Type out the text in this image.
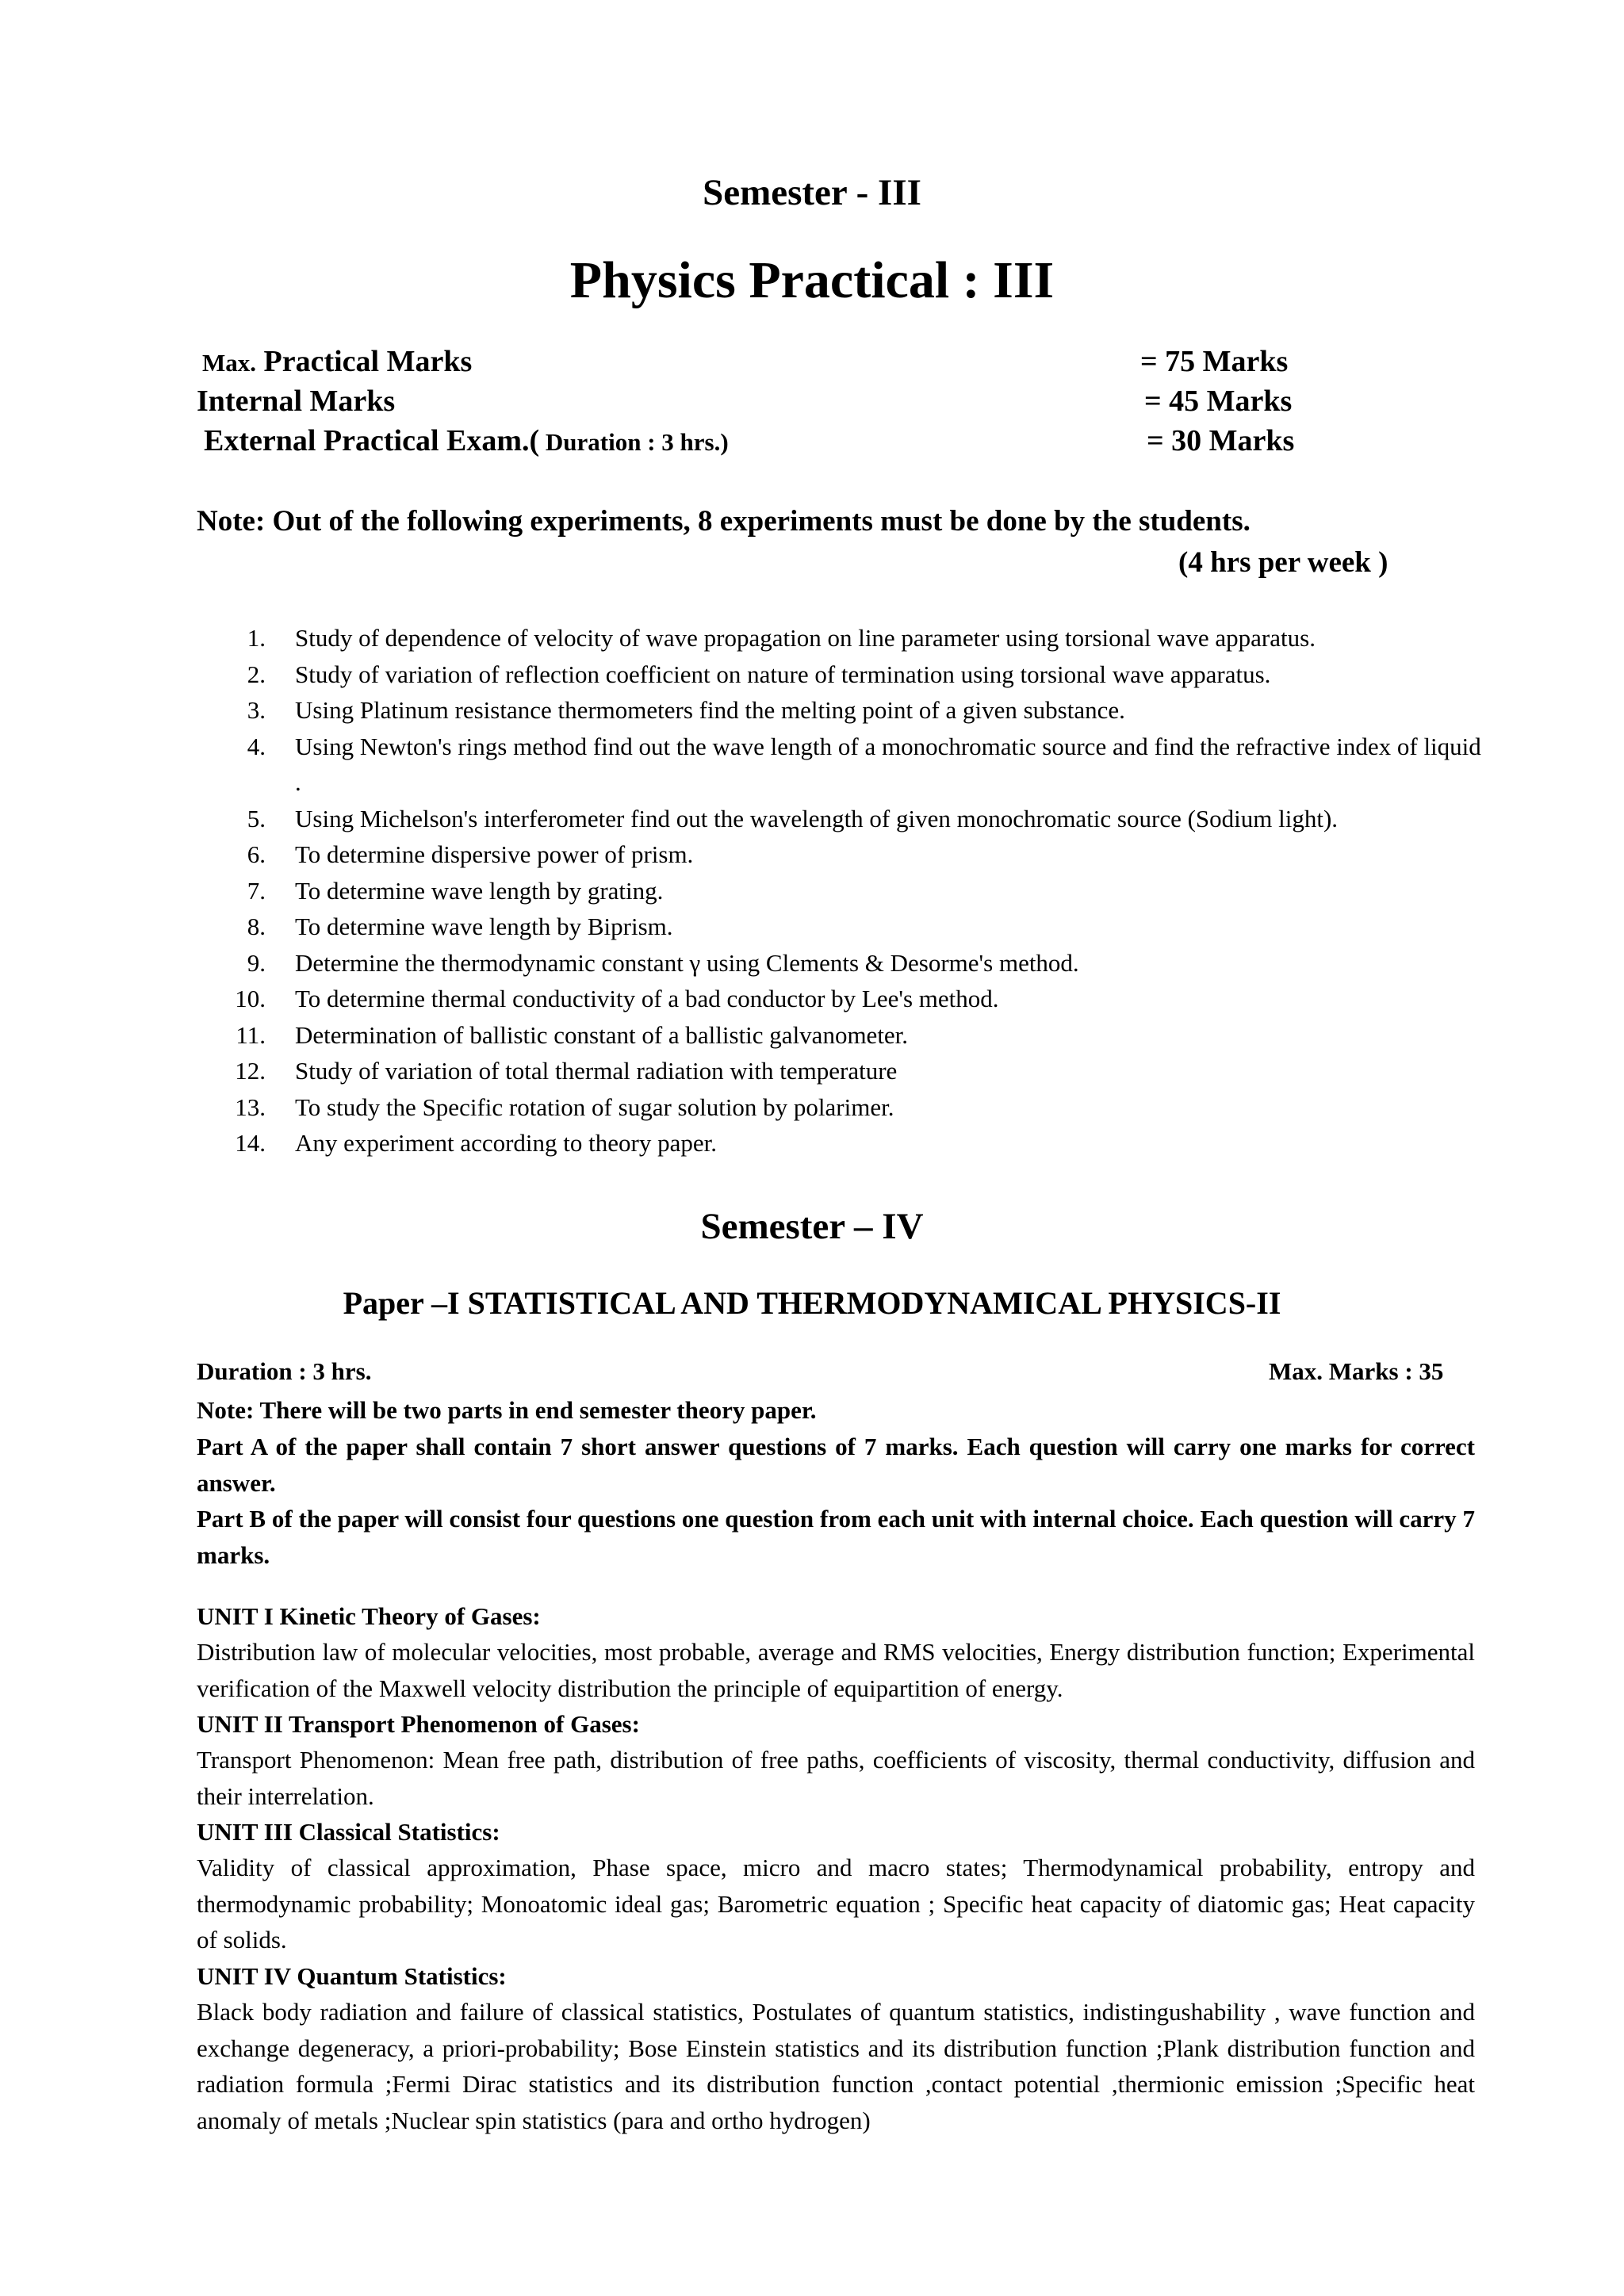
Semester - III
Physics Practical : III
Max. Practical Marks	= 75 Marks
Internal Marks	= 45 Marks
External Practical Exam.( Duration : 3 hrs.)	= 30 Marks
Note: Out of the following experiments, 8 experiments must be done by the students.
(4 hrs per week )
1. Study of dependence of velocity of wave propagation on line parameter using torsional wave apparatus.
2. Study of variation of reflection coefficient on nature of termination using torsional wave apparatus.
3. Using Platinum resistance thermometers find the melting point of a given substance.
4. Using Newton's rings method find out the wave length of a monochromatic source and find the refractive index of liquid .
5. Using Michelson's interferometer find out the wavelength of given monochromatic source (Sodium light).
6. To determine dispersive power of prism.
7. To determine wave length by grating.
8. To determine wave length by Biprism.
9. Determine the thermodynamic constant γ using Clements & Desorme's method.
10. To determine thermal conductivity of a bad conductor by Lee's method.
11. Determination of ballistic constant of a ballistic galvanometer.
12. Study of variation of total thermal radiation with temperature
13. To study the Specific rotation of sugar solution by polarimer.
14. Any experiment according to theory paper.
Semester – IV
Paper –I STATISTICAL AND THERMODYNAMICAL PHYSICS-II
Duration : 3 hrs.	Max. Marks : 35
Note: There will be two parts in end semester theory paper.
Part A of the paper shall contain 7 short answer questions of 7 marks. Each question will carry one marks for correct answer.
Part B of the paper will consist four questions one question from each unit with internal choice. Each question will carry 7 marks.
UNIT I Kinetic Theory of Gases:
Distribution law of molecular velocities, most probable, average and RMS velocities, Energy distribution function; Experimental verification of the Maxwell velocity distribution the principle of equipartition of energy.
UNIT II Transport Phenomenon of Gases:
Transport Phenomenon: Mean free path, distribution of free paths, coefficients of viscosity, thermal conductivity, diffusion and their interrelation.
UNIT III Classical Statistics:
Validity of classical approximation, Phase space, micro and macro states; Thermodynamical probability, entropy and thermodynamic probability; Monoatomic ideal gas; Barometric equation ; Specific heat capacity of diatomic gas; Heat capacity of solids.
UNIT IV Quantum Statistics:
Black body radiation and failure of classical statistics, Postulates of quantum statistics, indistingushability , wave function and exchange degeneracy, a priori-probability; Bose Einstein statistics and its distribution function ;Plank distribution function and radiation formula ;Fermi Dirac statistics and its distribution function ,contact potential ,thermionic emission ;Specific heat anomaly of metals ;Nuclear spin statistics (para and ortho hydrogen)
